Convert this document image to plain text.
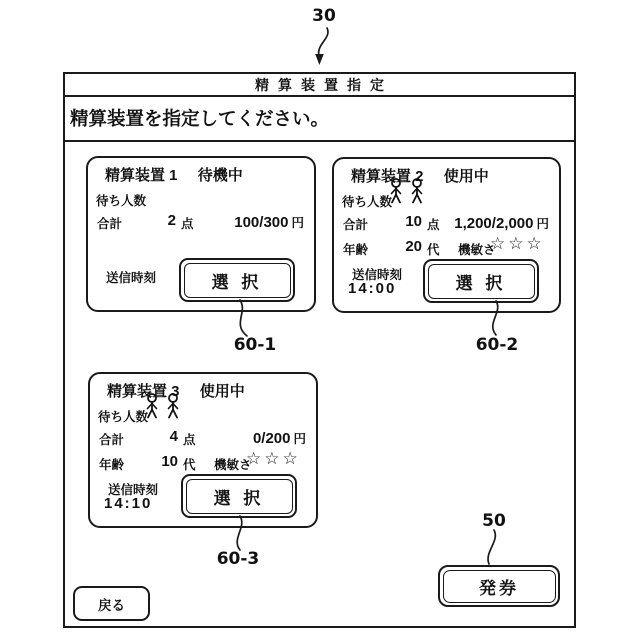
30
精算装置指定
精算装置を指定してください。
精算装置 1 待機中
待ち人数
合計	2 点	100/300 円
送信時刻	選 択
精算装置 2 使用中
待ち人数
合計	10 点 1,200/2,000 円
年齢	20 代 機敏さ
☆☆☆
送信時刻
14:00	選 択
精算装置 3 使用中
待ち人数
合計	4 点	0/200 円
年齢	10 代 機敏さ
☆☆☆
送信時刻
14:10	選 択
60-1	60-2
60-3
50
発券
戻る
